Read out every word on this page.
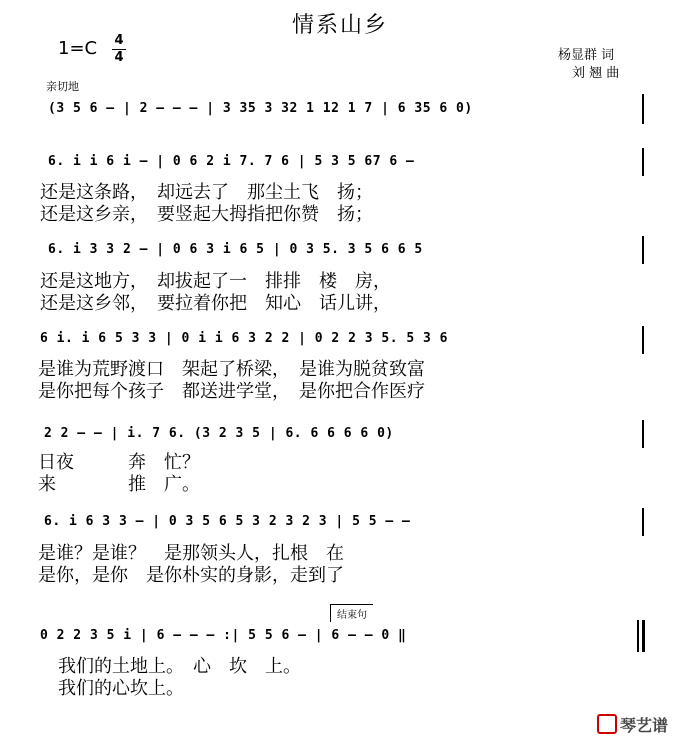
情系山乡
1=C 4
4	杨显群 词
刘 翘 曲
亲切地
(3 5 6 – | 2 – – – | 3 35 3 32 1 12 1 7 | 6 35 6 0)
6. i i 6 i – | 0 6 2 i 7. 7 6 | 5 3 5 67 6 –
还是这条路，　却远去了　那尘土飞　扬；
还是这乡亲，　要竖起大拇指把你赞　扬；
6. i 3 3 2 – | 0 6 3 i 6 5 | 0 3 5. 3 5 6 6 5
还是这地方，　却拔起了一　排排　楼　房，
还是这乡邻，　要拉着你把　知心　话儿讲，
6 i. i 6 5 3 3 | 0 i i 6 3 2 2 | 0 2 2 3 5. 5 3 6
是谁为荒野渡口　架起了桥梁，　是谁为脱贫致富
是你把每个孩子　都送进学堂，　是你把合作医疗
2 2 – – | i. 7 6. (3 2 3 5 | 6. 6 6 6 6 0)
日夜　　　奔　忙？
来　　　　推　广。
6. i 6 3 3 – | 0 3 5 6 5 3 2 3 2 3 | 5 5 – –
是谁？是谁？　是那领头人，扎根　在
是你，是你　是你朴实的身影，走到了
结束句
0 2 2 3 5 i | 6 – – – :| 5 5 6 – | 6 – – 0 ‖
我们的土地上。　心　坎　上。
我们的心坎上。
琴艺谱
